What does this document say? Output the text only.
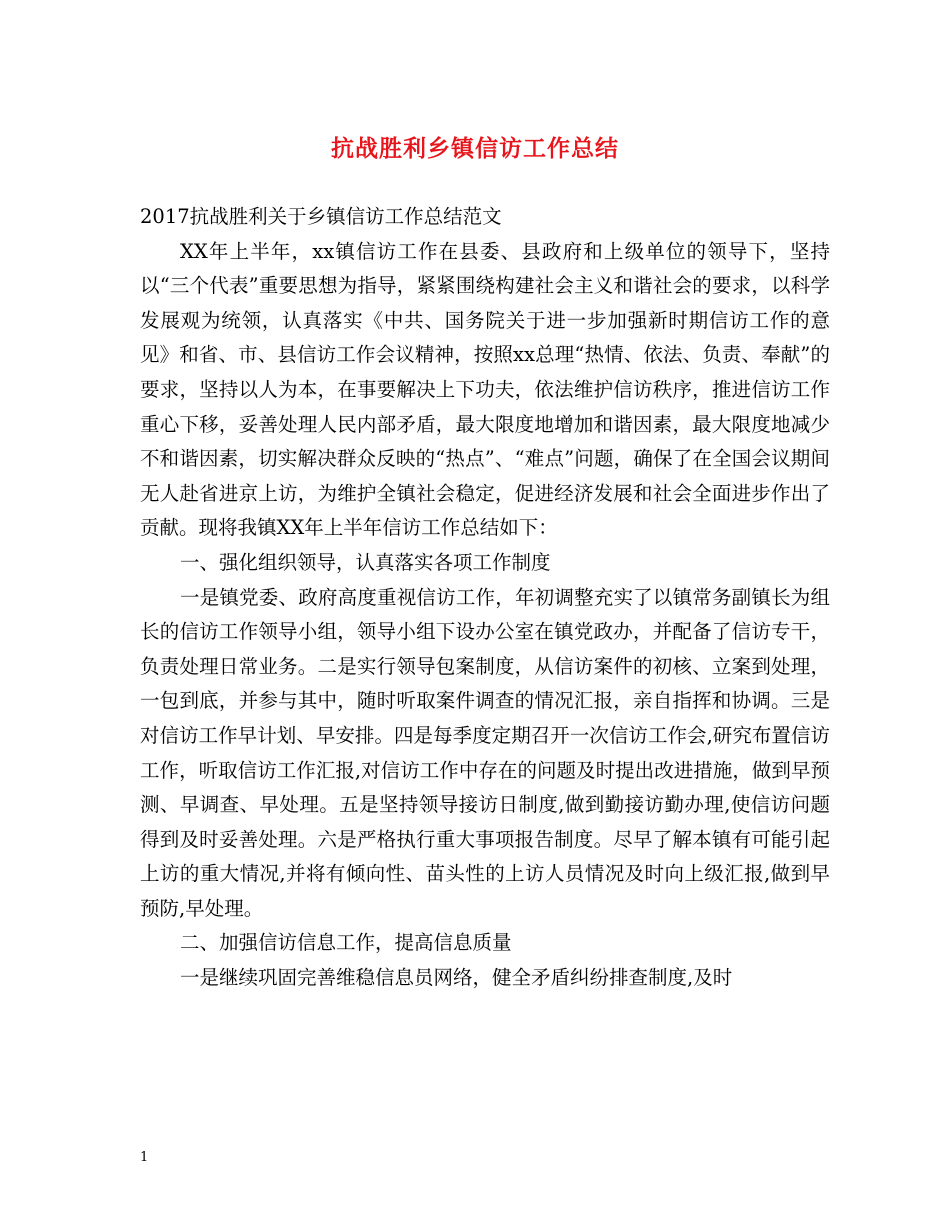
抗战胜利乡镇信访工作总结

2017抗战胜利关于乡镇信访工作总结范文

XX年上半年，xx镇信访工作在县委、县政府和上级单位的领导下，坚持以“三个代表”重要思想为指导，紧紧围绕构建社会主义和谐社会的要求，以科学发展观为统领，认真落实《中共、国务院关于进一步加强新时期信访工作的意见》和省、市、县信访工作会议精神，按照xx总理“热情、依法、负责、奉献”的要求，坚持以人为本，在事要解决上下功夫，依法维护信访秩序，推进信访工作重心下移，妥善处理人民内部矛盾，最大限度地增加和谐因素，最大限度地减少不和谐因素，切实解决群众反映的“热点”、“难点”问题，确保了在全国会议期间无人赴省进京上访，为维护全镇社会稳定，促进经济发展和社会全面进步作出了贡献。现将我镇XX年上半年信访工作总结如下：

一、强化组织领导，认真落实各项工作制度

一是镇党委、政府高度重视信访工作，年初调整充实了以镇常务副镇长为组长的信访工作领导小组，领导小组下设办公室在镇党政办，并配备了信访专干，负责处理日常业务。二是实行领导包案制度，从信访案件的初核、立案到处理，一包到底，并参与其中，随时听取案件调查的情况汇报，亲自指挥和协调。三是对信访工作早计划、早安排。四是每季度定期召开一次信访工作会,研究布置信访工作，听取信访工作汇报,对信访工作中存在的问题及时提出改进措施，做到早预测、早调查、早处理。五是坚持领导接访日制度,做到勤接访勤办理,使信访问题得到及时妥善处理。六是严格执行重大事项报告制度。尽早了解本镇有可能引起上访的重大情况,并将有倾向性、苗头性的上访人员情况及时向上级汇报,做到早预防,早处理。

二、加强信访信息工作，提高信息质量

一是继续巩固完善维稳信息员网络，健全矛盾纠纷排查制度,及时

1
